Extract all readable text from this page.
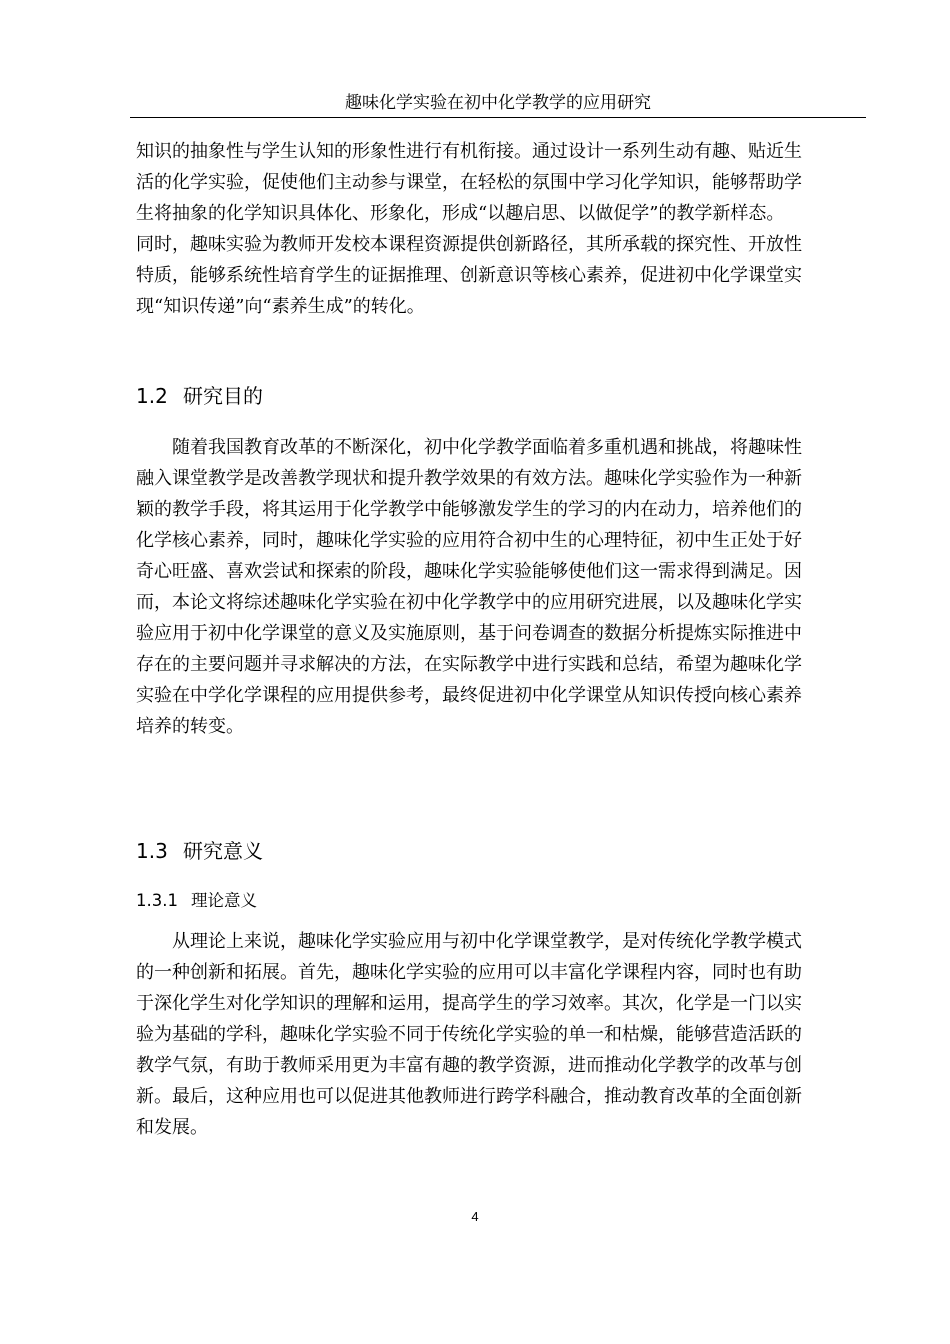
趣味化学实验在初中化学教学的应用研究

知识的抽象性与学生认知的形象性进行有机衔接。通过设计一系列生动有趣、贴近生
活的化学实验，促使他们主动参与课堂，在轻松的氛围中学习化学知识，能够帮助学
生将抽象的化学知识具体化、形象化，形成“以趣启思、以做促学”的教学新样态。
同时，趣味实验为教师开发校本课程资源提供创新路径，其所承载的探究性、开放性
特质，能够系统性培育学生的证据推理、创新意识等核心素养，促进初中化学课堂实
现“知识传递”向“素养生成”的转化。

1.2 研究目的

随着我国教育改革的不断深化，初中化学教学面临着多重机遇和挑战，将趣味性
融入课堂教学是改善教学现状和提升教学效果的有效方法。趣味化学实验作为一种新
颖的教学手段，将其运用于化学教学中能够激发学生的学习的内在动力，培养他们的
化学核心素养，同时，趣味化学实验的应用符合初中生的心理特征，初中生正处于好
奇心旺盛、喜欢尝试和探索的阶段，趣味化学实验能够使他们这一需求得到满足。因
而，本论文将综述趣味化学实验在初中化学教学中的应用研究进展，以及趣味化学实
验应用于初中化学课堂的意义及实施原则，基于问卷调查的数据分析提炼实际推进中
存在的主要问题并寻求解决的方法，在实际教学中进行实践和总结，希望为趣味化学
实验在中学化学课程的应用提供参考，最终促进初中化学课堂从知识传授向核心素养
培养的转变。

1.3 研究意义
1.3.1 理论意义

从理论上来说，趣味化学实验应用与初中化学课堂教学，是对传统化学教学模式
的一种创新和拓展。首先，趣味化学实验的应用可以丰富化学课程内容，同时也有助
于深化学生对化学知识的理解和运用，提高学生的学习效率。其次，化学是一门以实
验为基础的学科，趣味化学实验不同于传统化学实验的单一和枯燥，能够营造活跃的
教学气氛，有助于教师采用更为丰富有趣的教学资源，进而推动化学教学的改革与创
新。最后，这种应用也可以促进其他教师进行跨学科融合，推动教育改革的全面创新
和发展。

4
